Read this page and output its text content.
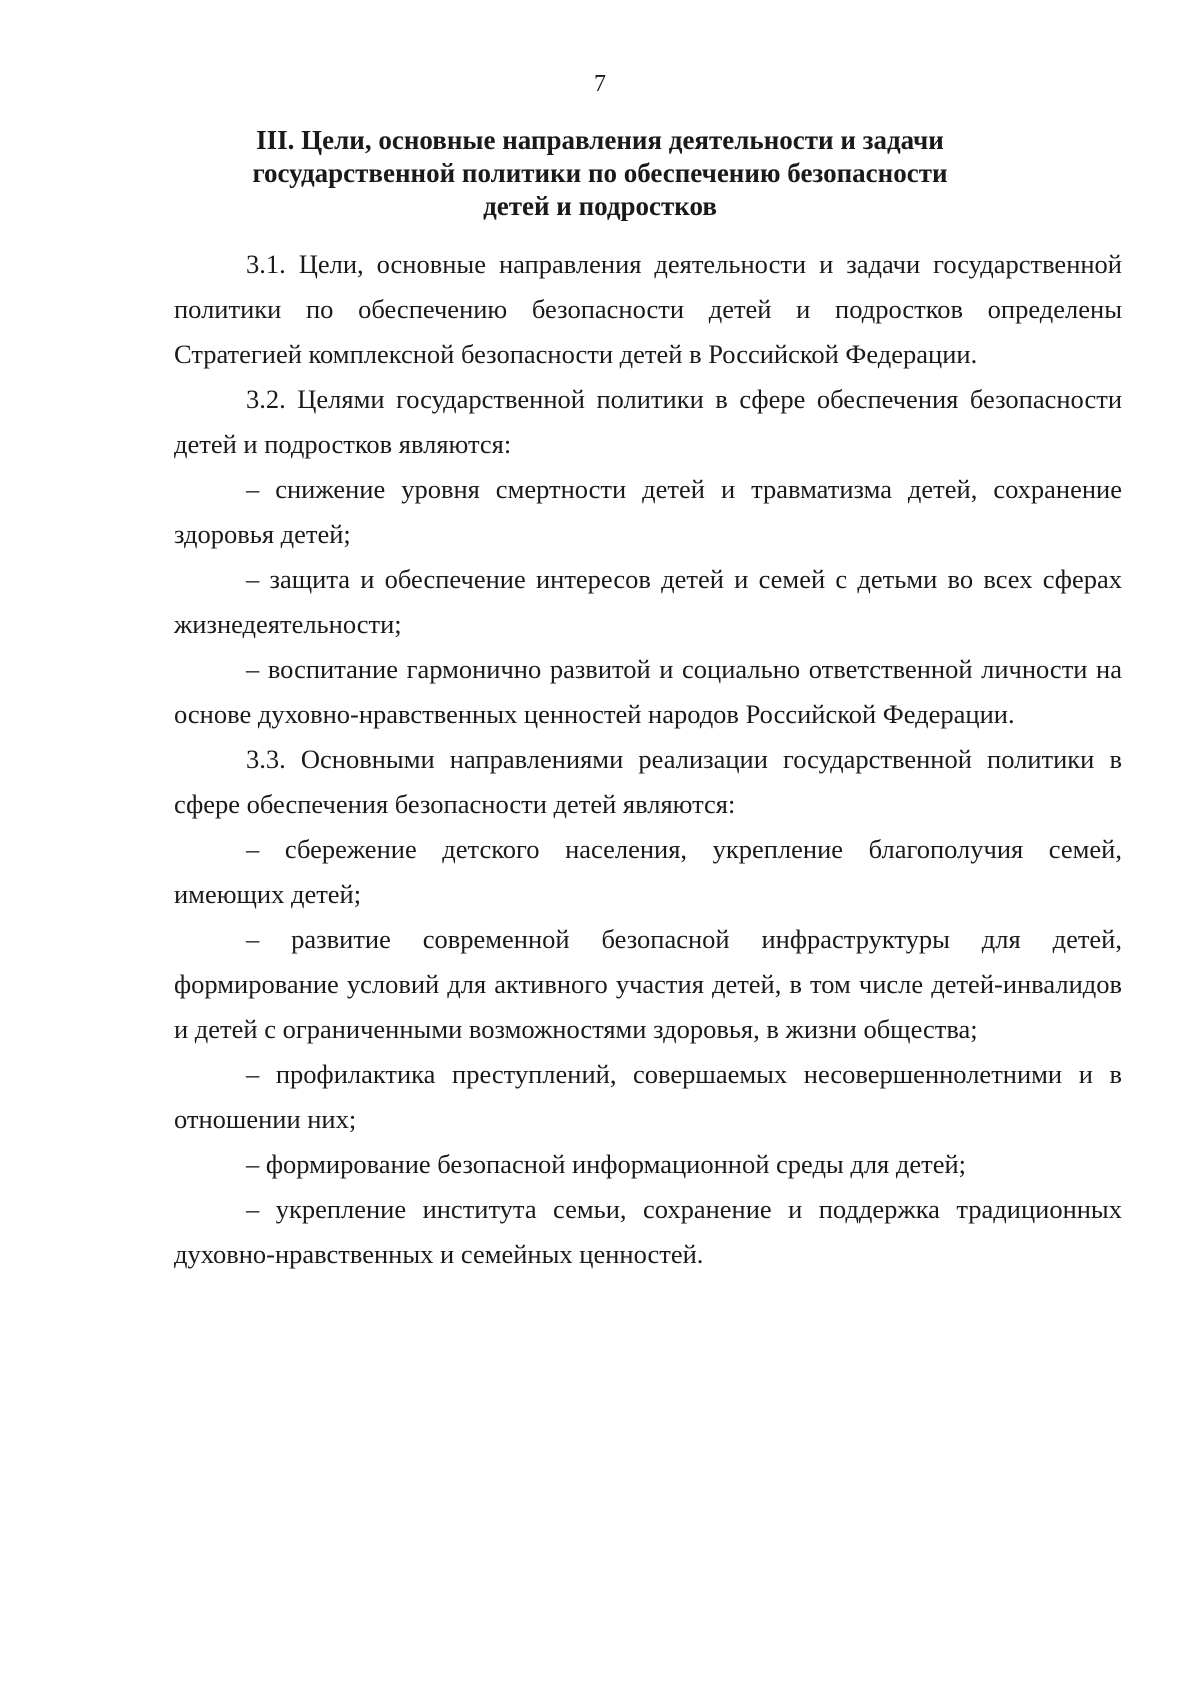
7
III. Цели, основные направления деятельности и задачи
государственной политики по обеспечению безопасности
детей и подростков

3.1. Цели, основные направления деятельности и задачи государственной политики по обеспечению безопасности детей и подростков определены Стратегией комплексной безопасности детей в Российской Федерации.

3.2. Целями государственной политики в сфере обеспечения безопасности детей и подростков являются:

– снижение уровня смертности детей и травматизма детей, сохранение здоровья детей;

– защита и обеспечение интересов детей и семей с детьми во всех сферах жизнедеятельности;

– воспитание гармонично развитой и социально ответственной личности на основе духовно-нравственных ценностей народов Российской Федерации.

3.3. Основными направлениями реализации государственной политики в сфере обеспечения безопасности детей являются:

– сбережение детского населения, укрепление благополучия семей, имеющих детей;

– развитие современной безопасной инфраструктуры для детей, формирование условий для активного участия детей, в том числе детей-инвалидов и детей с ограниченными возможностями здоровья, в жизни общества;

– профилактика преступлений, совершаемых несовершеннолетними и в отношении них;

– формирование безопасной информационной среды для детей;

– укрепление института семьи, сохранение и поддержка традиционных духовно-нравственных и семейных ценностей.
